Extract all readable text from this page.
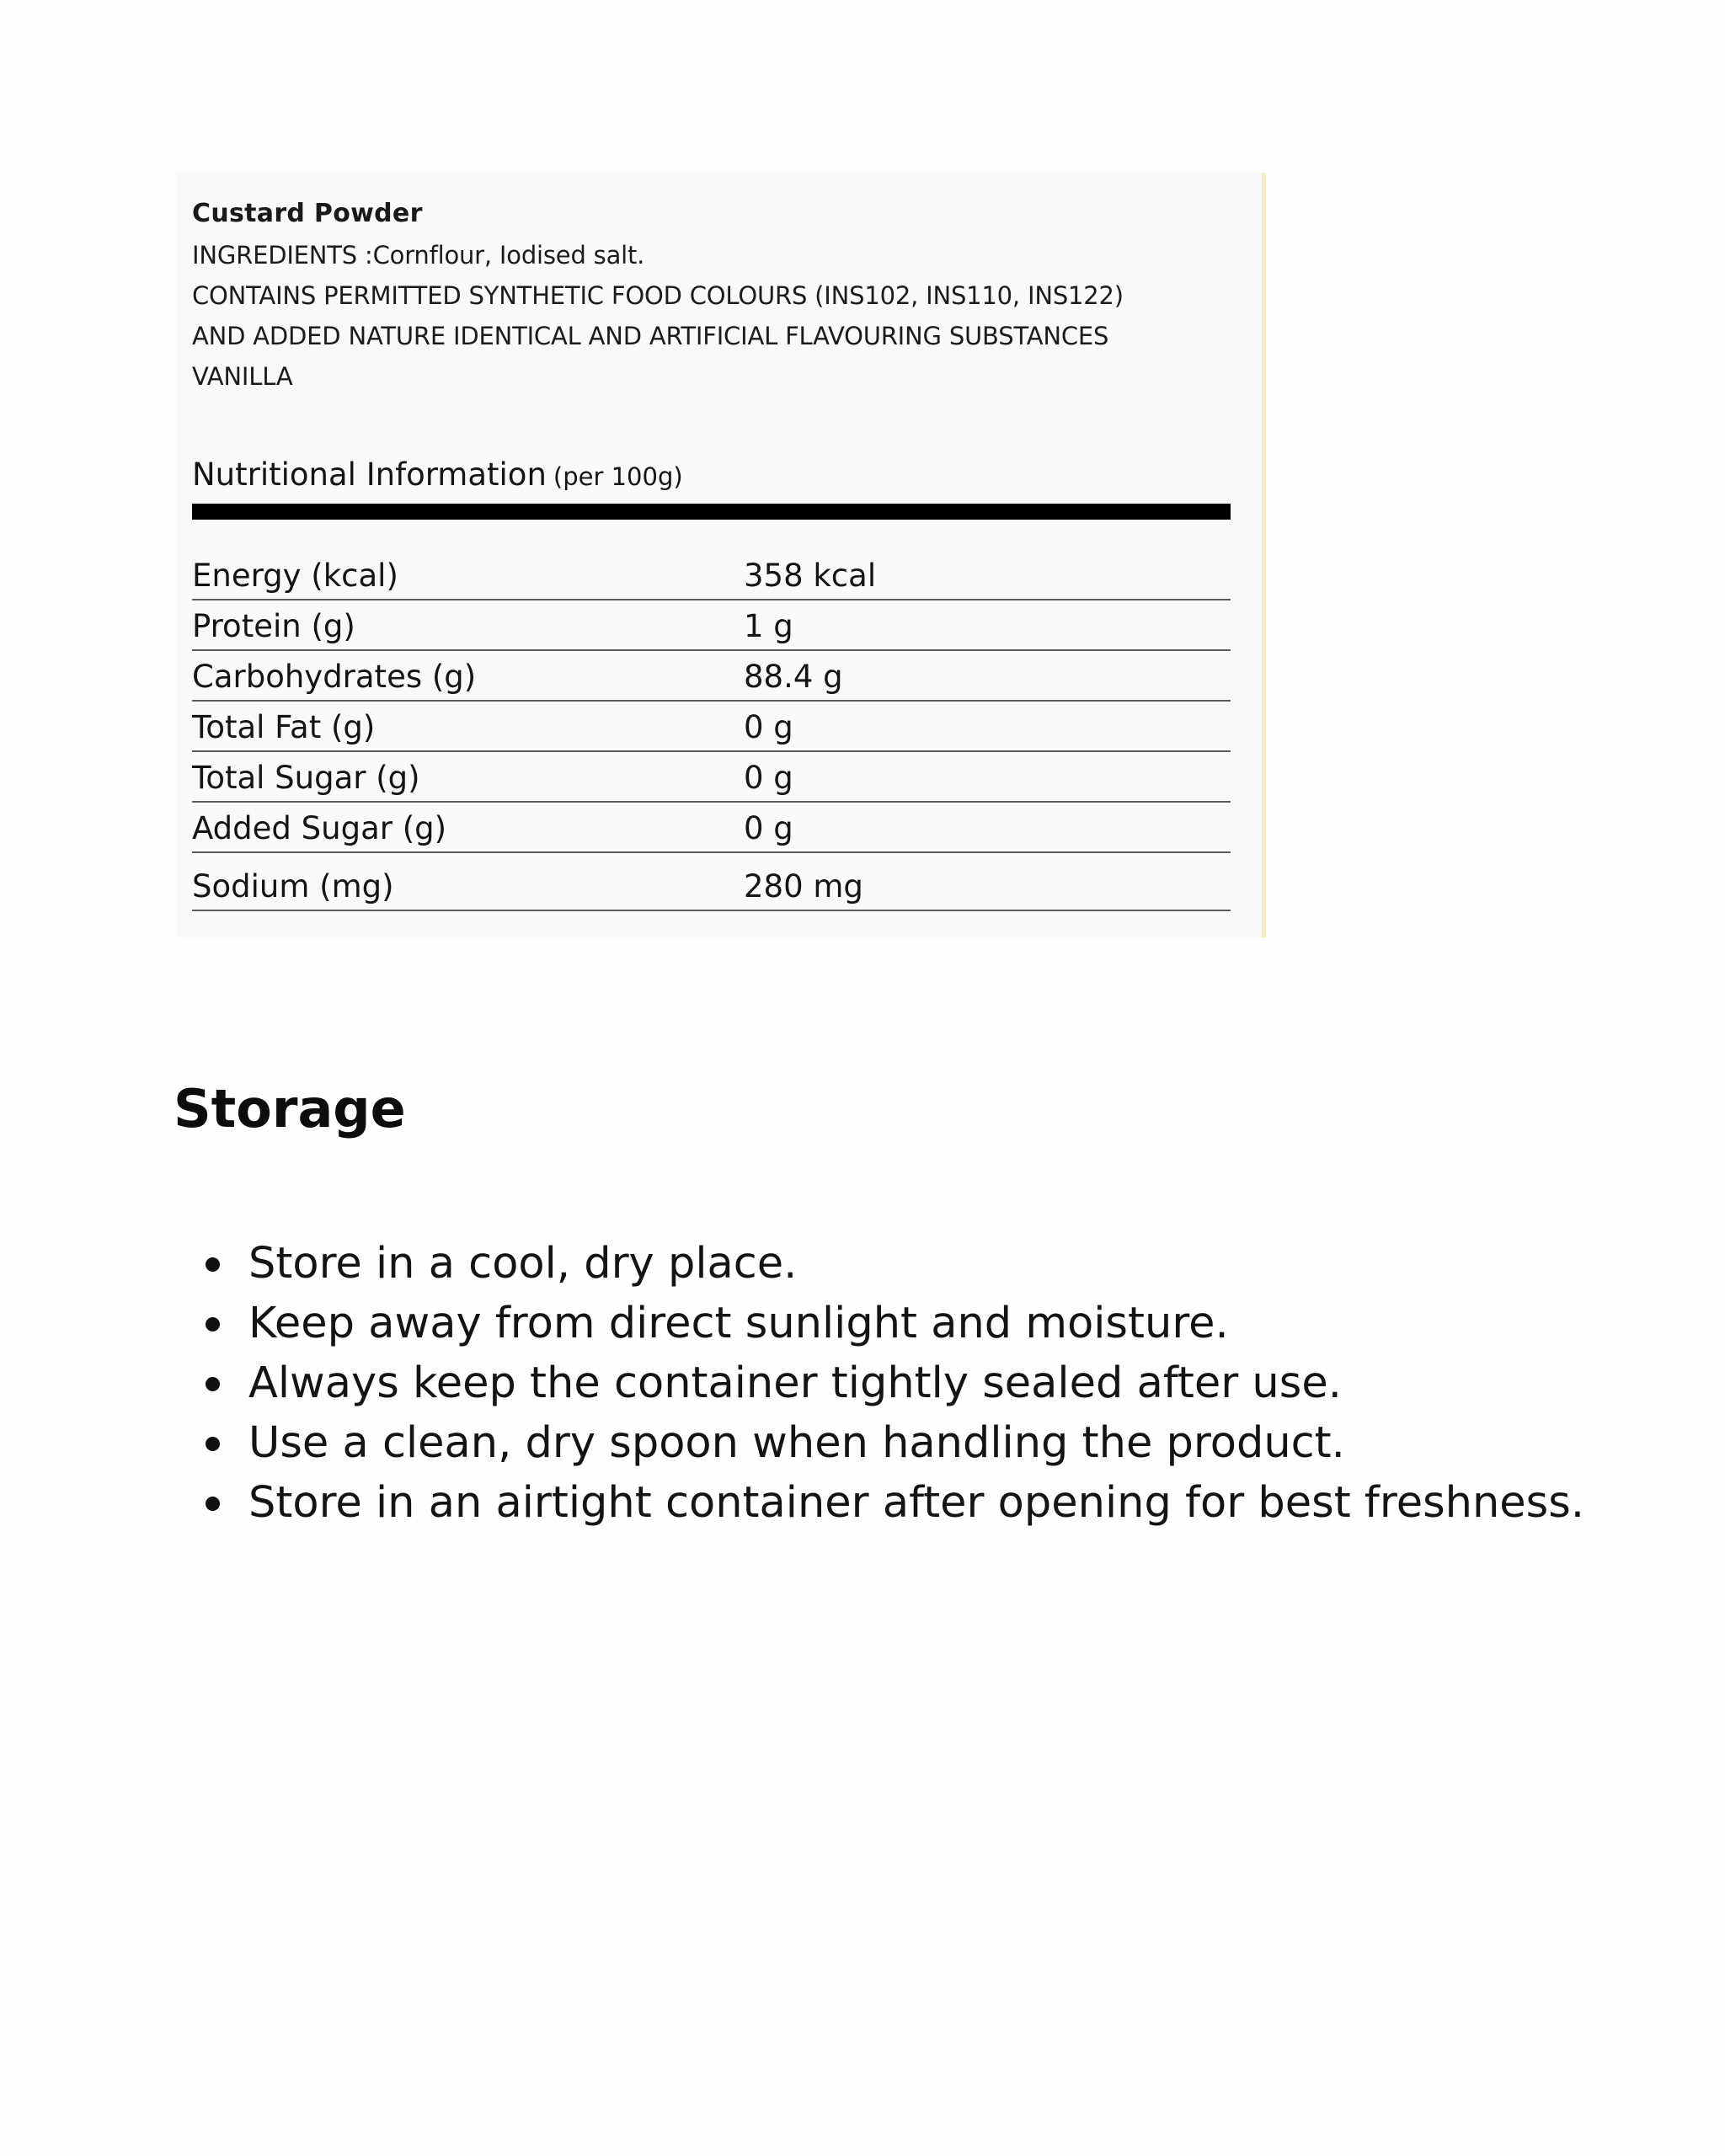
Custard Powder
INGREDIENTS :Cornflour, Iodised salt.
CONTAINS PERMITTED SYNTHETIC FOOD COLOURS (INS102, INS110, INS122)
AND ADDED NATURE IDENTICAL AND ARTIFICIAL FLAVOURING SUBSTANCES
VANILLA
Nutritional Information (per 100g)
Energy (kcal)	358 kcal
Protein (g)	1 g
Carbohydrates (g)	88.4 g
Total Fat (g)	0 g
Total Sugar (g)	0 g
Added Sugar (g)	0 g
Sodium (mg)	280 mg
Storage
Store in a cool, dry place.
Keep away from direct sunlight and moisture.
Always keep the container tightly sealed after use.
Use a clean, dry spoon when handling the product.
Store in an airtight container after opening for best freshness.
